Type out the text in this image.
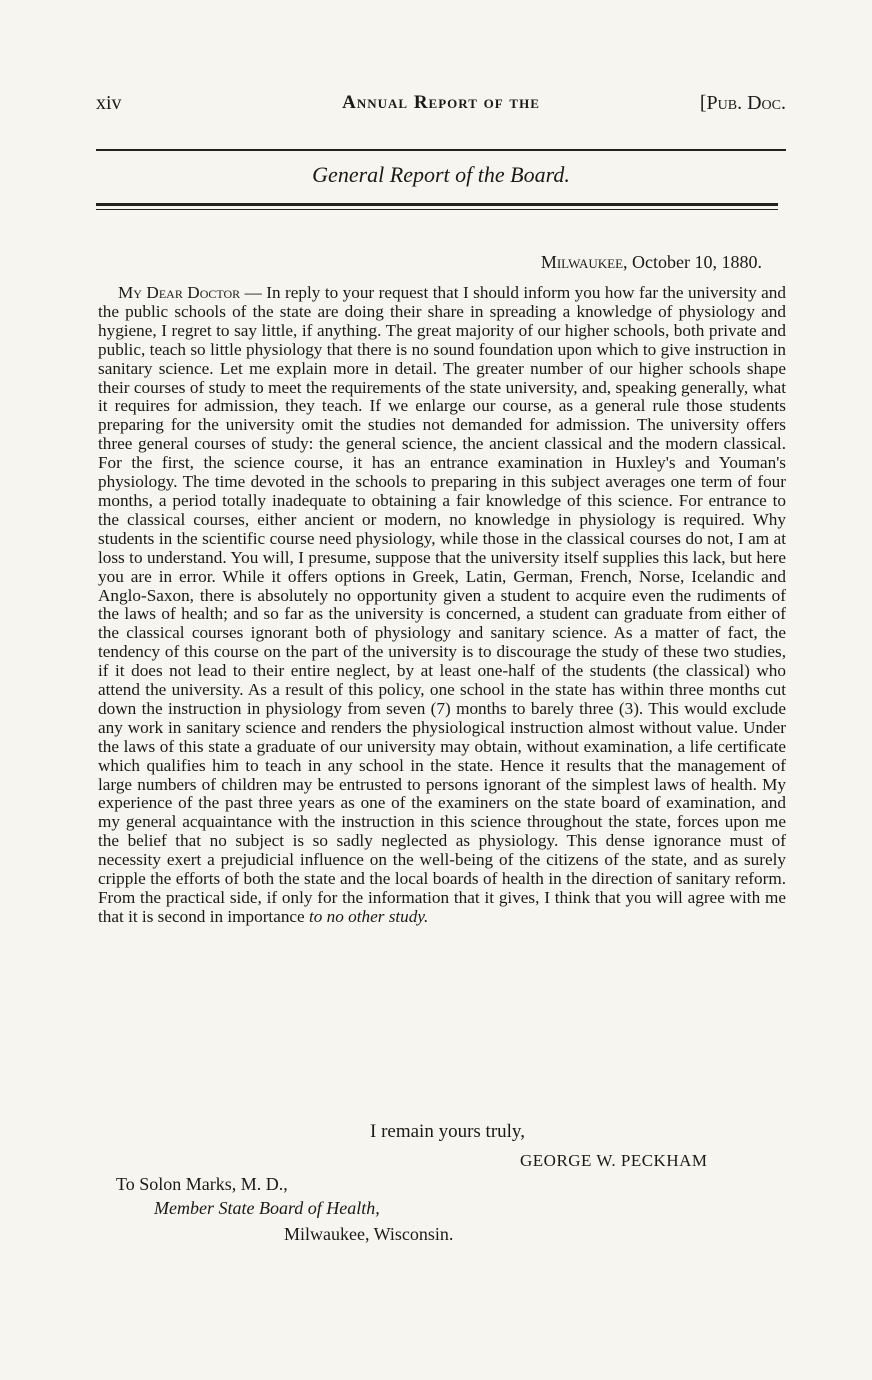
xiv	Annual Report of the	[Pub. Doc.
General Report of the Board.
Milwaukee, October 10, 1880.
My Dear Doctor — In reply to your request that I should inform you how far the university and the public schools of the state are doing their share in spreading a knowledge of physiology and hygiene, I regret to say little, if anything. The great majority of our higher schools, both private and public, teach so little physiology that there is no sound foundation upon which to give instruction in sanitary science. Let me explain more in detail. The greater number of our higher schools shape their courses of study to meet the requirements of the state university, and, speaking generally, what it requires for admission, they teach. If we enlarge our course, as a general rule those students preparing for the university omit the studies not demanded for admission. The university offers three general courses of study: the general science, the ancient classical and the modern classical. For the first, the science course, it has an entrance examination in Huxley's and Youman's physiology. The time devoted in the schools to preparing in this subject averages one term of four months, a period totally inadequate to obtaining a fair knowledge of this science. For entrance to the classical courses, either ancient or modern, no knowledge in physiology is required. Why students in the scientific course need physiology, while those in the classical courses do not, I am at loss to understand. You will, I presume, suppose that the university itself supplies this lack, but here you are in error. While it offers options in Greek, Latin, German, French, Norse, Icelandic and Anglo-Saxon, there is absolutely no opportunity given a student to acquire even the rudiments of the laws of health; and so far as the university is concerned, a student can graduate from either of the classical courses ignorant both of physiology and sanitary science. As a matter of fact, the tendency of this course on the part of the university is to discourage the study of these two studies, if it does not lead to their entire neglect, by at least one-half of the students (the classical) who attend the university. As a result of this policy, one school in the state has within three months cut down the instruction in physiology from seven (7) months to barely three (3). This would exclude any work in sanitary science and renders the physiological instruction almost without value. Under the laws of this state a graduate of our university may obtain, without examination, a life certificate which qualifies him to teach in any school in the state. Hence it results that the management of large numbers of children may be entrusted to persons ignorant of the simplest laws of health. My experience of the past three years as one of the examiners on the state board of examination, and my general acquaintance with the instruction in this science throughout the state, forces upon me the belief that no subject is so sadly neglected as physiology. This dense ignorance must of necessity exert a prejudicial influence on the well-being of the citizens of the state, and as surely cripple the efforts of both the state and the local boards of health in the direction of sanitary reform. From the practical side, if only for the information that it gives, I think that you will agree with me that it is second in importance to no other study.
I remain yours truly,
GEORGE W. PECKHAM
To Solon Marks, M. D.,
Member State Board of Health,
Milwaukee, Wisconsin.
